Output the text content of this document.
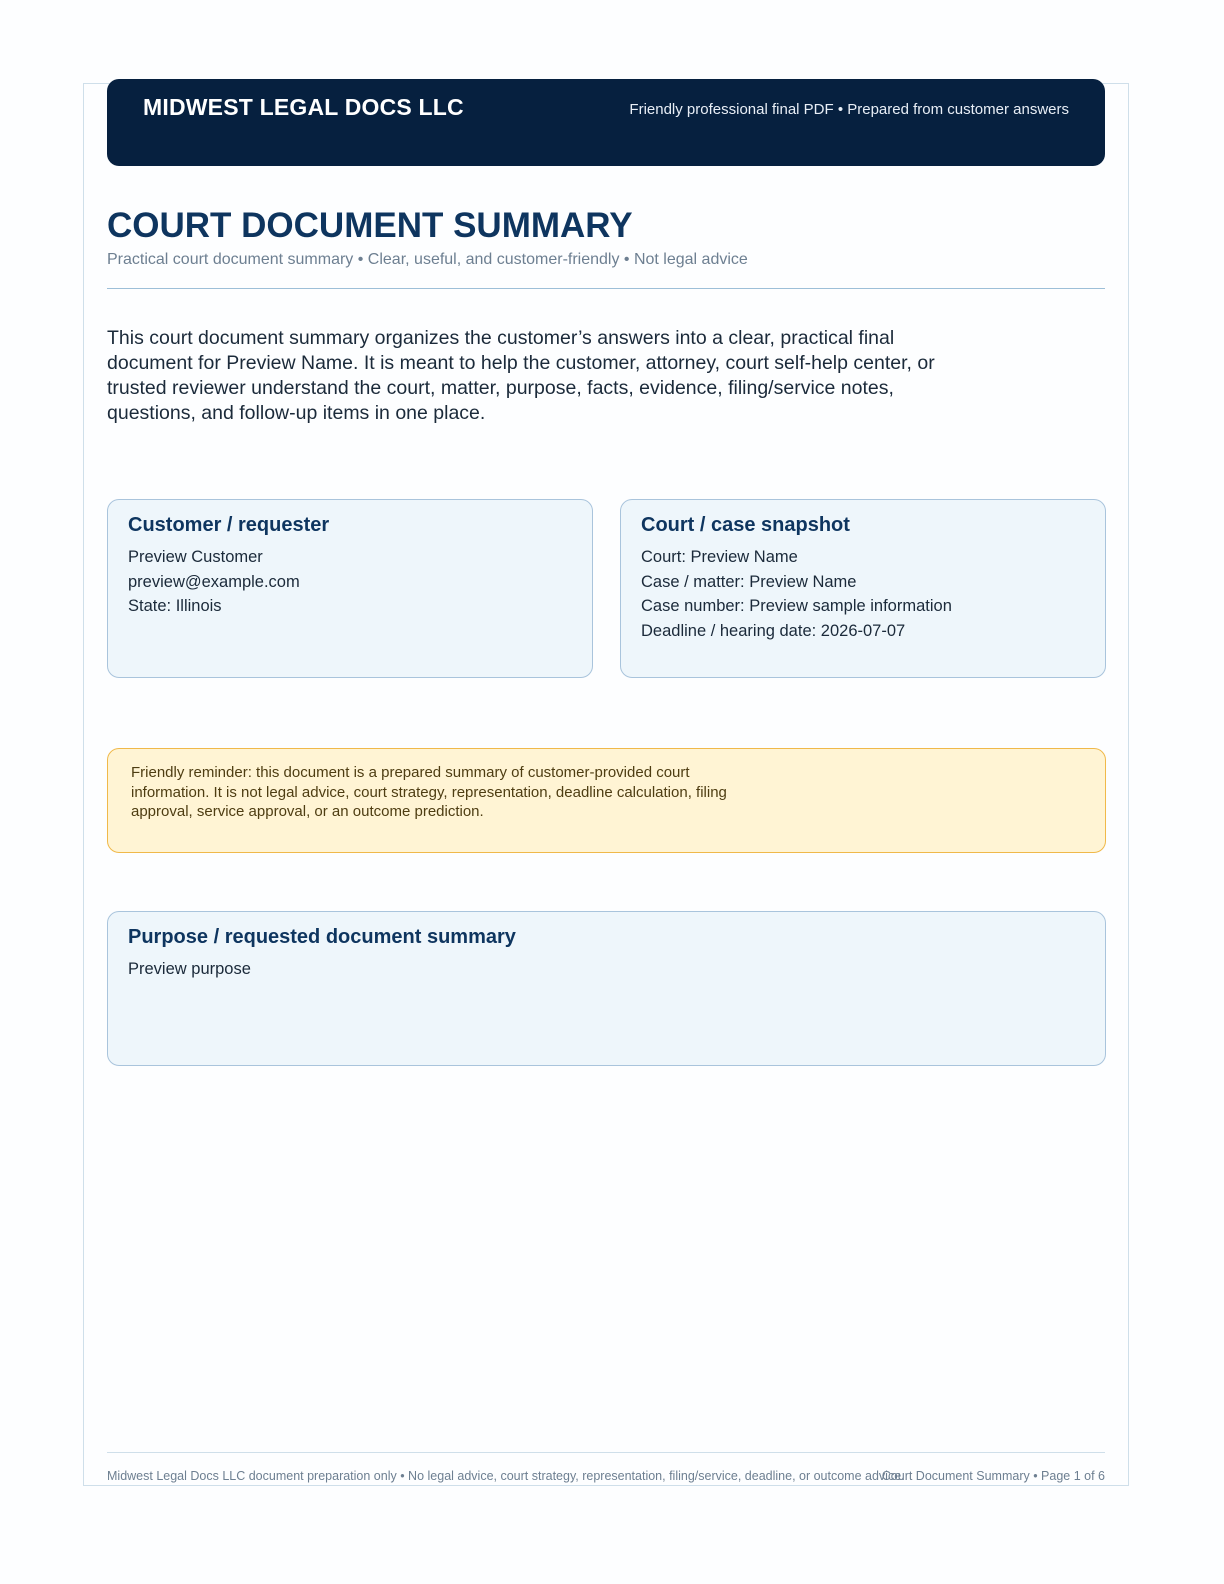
MIDWEST LEGAL DOCS LLC	Friendly professional final PDF • Prepared from customer answers
COURT DOCUMENT SUMMARY
Practical court document summary • Clear, useful, and customer-friendly • Not legal advice

This court document summary organizes the customer’s answers into a clear, practical final document for Preview Name. It is meant to help the customer, attorney, court self-help center, or trusted reviewer understand the court, matter, purpose, facts, evidence, filing/service notes, questions, and follow-up items in one place.

Customer / requester
Preview Customer
preview@example.com
State: Illinois
Court / case snapshot
Court: Preview Name
Case / matter: Preview Name
Case number: Preview sample information
Deadline / hearing date: 2026-07-07

Friendly reminder: this document is a prepared summary of customer-provided court information. It is not legal advice, court strategy, representation, deadline calculation, filing approval, service approval, or an outcome prediction.

Purpose / requested document summary
Preview purpose
Midwest Legal Docs LLC document preparation only • No legal advice, court strategy, representation, filing/service, deadline, or outcome advice.
Court Document Summary • Page 1 of 6
